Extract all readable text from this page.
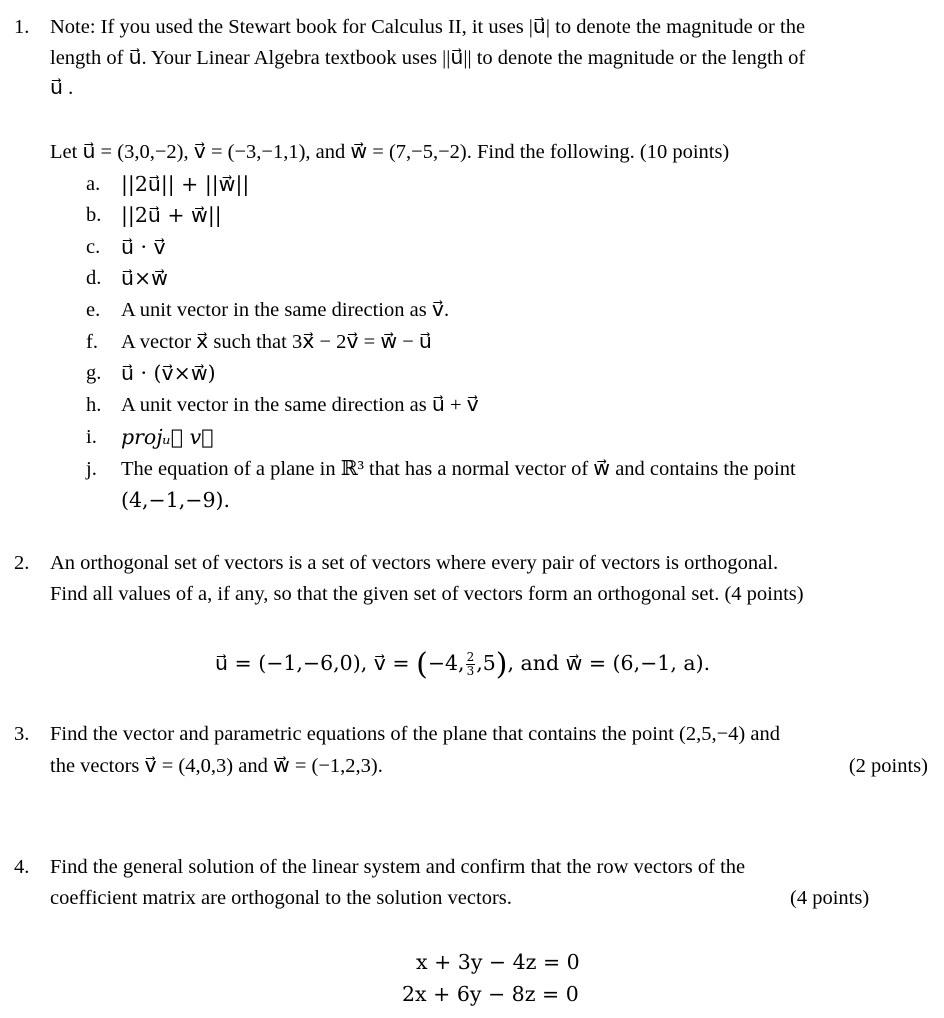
1.	Note: If you used the Stewart book for Calculus II, it uses |u⃗| to denote the magnitude or the
length of u⃗. Your Linear Algebra textbook uses ||u⃗|| to denote the magnitude or the length of
u⃗ .
Let u⃗ = (3,0,−2), v⃗ = (−3,−1,1), and w⃗ = (7,−5,−2). Find the following. (10 points)
a. ||2u⃗|| + ||w⃗||
b. ||2u⃗ + w⃗||
c. u⃗ · v⃗
d. u⃗×w⃗
e. A unit vector in the same direction as v⃗.
f. A vector x⃗ such that 3x⃗ − 2v⃗ = w⃗ − u⃗
g. u⃗ · (v⃗×w⃗)
h. A unit vector in the same direction as u⃗ + v⃗
i. projᵤ⃗ v⃗
j. The equation of a plane in ℝ³ that has a normal vector of w⃗ and contains the point
(4,−1,−9).
2.	An orthogonal set of vectors is a set of vectors where every pair of vectors is orthogonal.
Find all values of a, if any, so that the given set of vectors form an orthogonal set. (4 points)
u⃗ = (−1,−6,0), v⃗ = (−4, $\frac{2}{3} ,5$), and w⃗ = (6,−1, a).
3.	Find the vector and parametric equations of the plane that contains the point (2,5,−4) and
the vectors v⃗ = (4,0,3) and w⃗ = (−1,2,3).	(2 points)
4.	Find the general solution of the linear system and confirm that the row vectors of the
coefficient matrix are orthogonal to the solution vectors.	(4 points)
x + 3y − 4z = 0
2x + 6y − 8z = 0
